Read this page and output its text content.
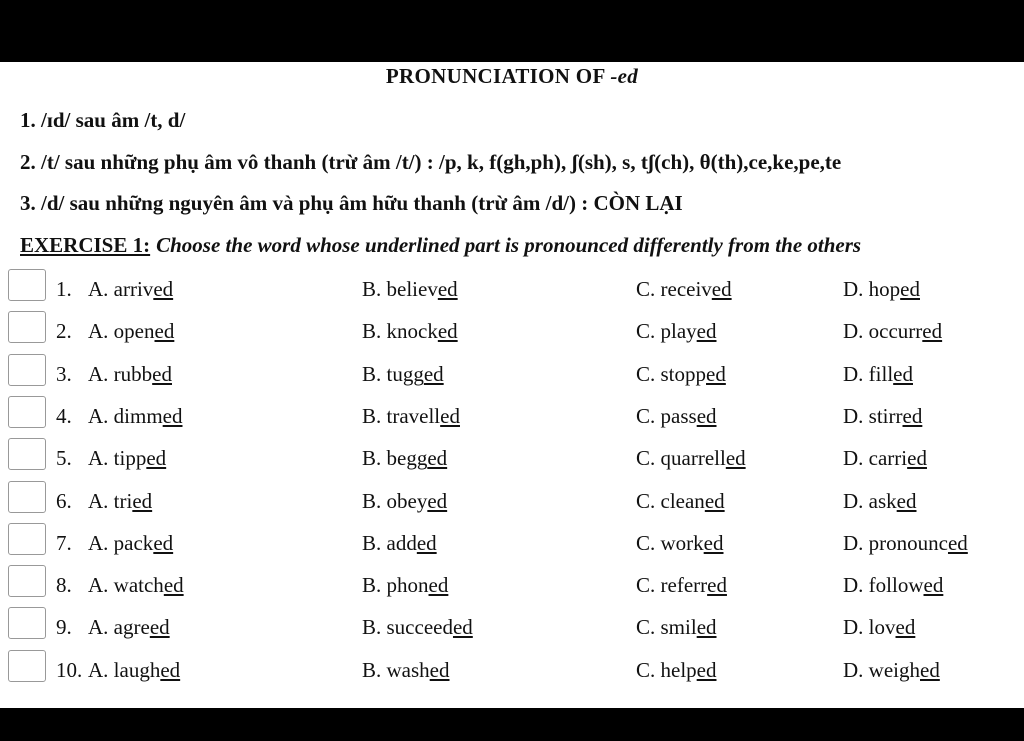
PRONUNCIATION OF -ed
1. /ɪd/ sau âm /t, d/
2. /t/ sau những phụ âm vô thanh (trừ âm /t/) : /p, k, f(gh,ph), ʃ(sh), s, tʃ(ch), θ(th),ce,ke,pe,te
3. /d/ sau những nguyên âm và phụ âm hữu thanh (trừ âm /d/) : CÒN LẠI
EXERCISE 1: Choose the word whose underlined part is pronounced differently from the others
1. A. arrived	B. believed	C. received	D. hoped
2. A. opened	B. knocked	C. played	D. occurred
3. A. rubbed	B. tugged	C. stopped	D. filled
4. A. dimmed	B. travelled	C. passed	D. stirred
5. A. tipped	B. begged	C. quarrelled	D. carried
6. A. tried	B. obeyed	C. cleaned	D. asked
7. A. packed	B. added	C. worked	D. pronounced
8. A. watched	B. phoned	C. referred	D. followed
9. A. agreed	B. succeeded	C. smiled	D. loved
10. A. laughed	B. washed	C. helped	D. weighed
